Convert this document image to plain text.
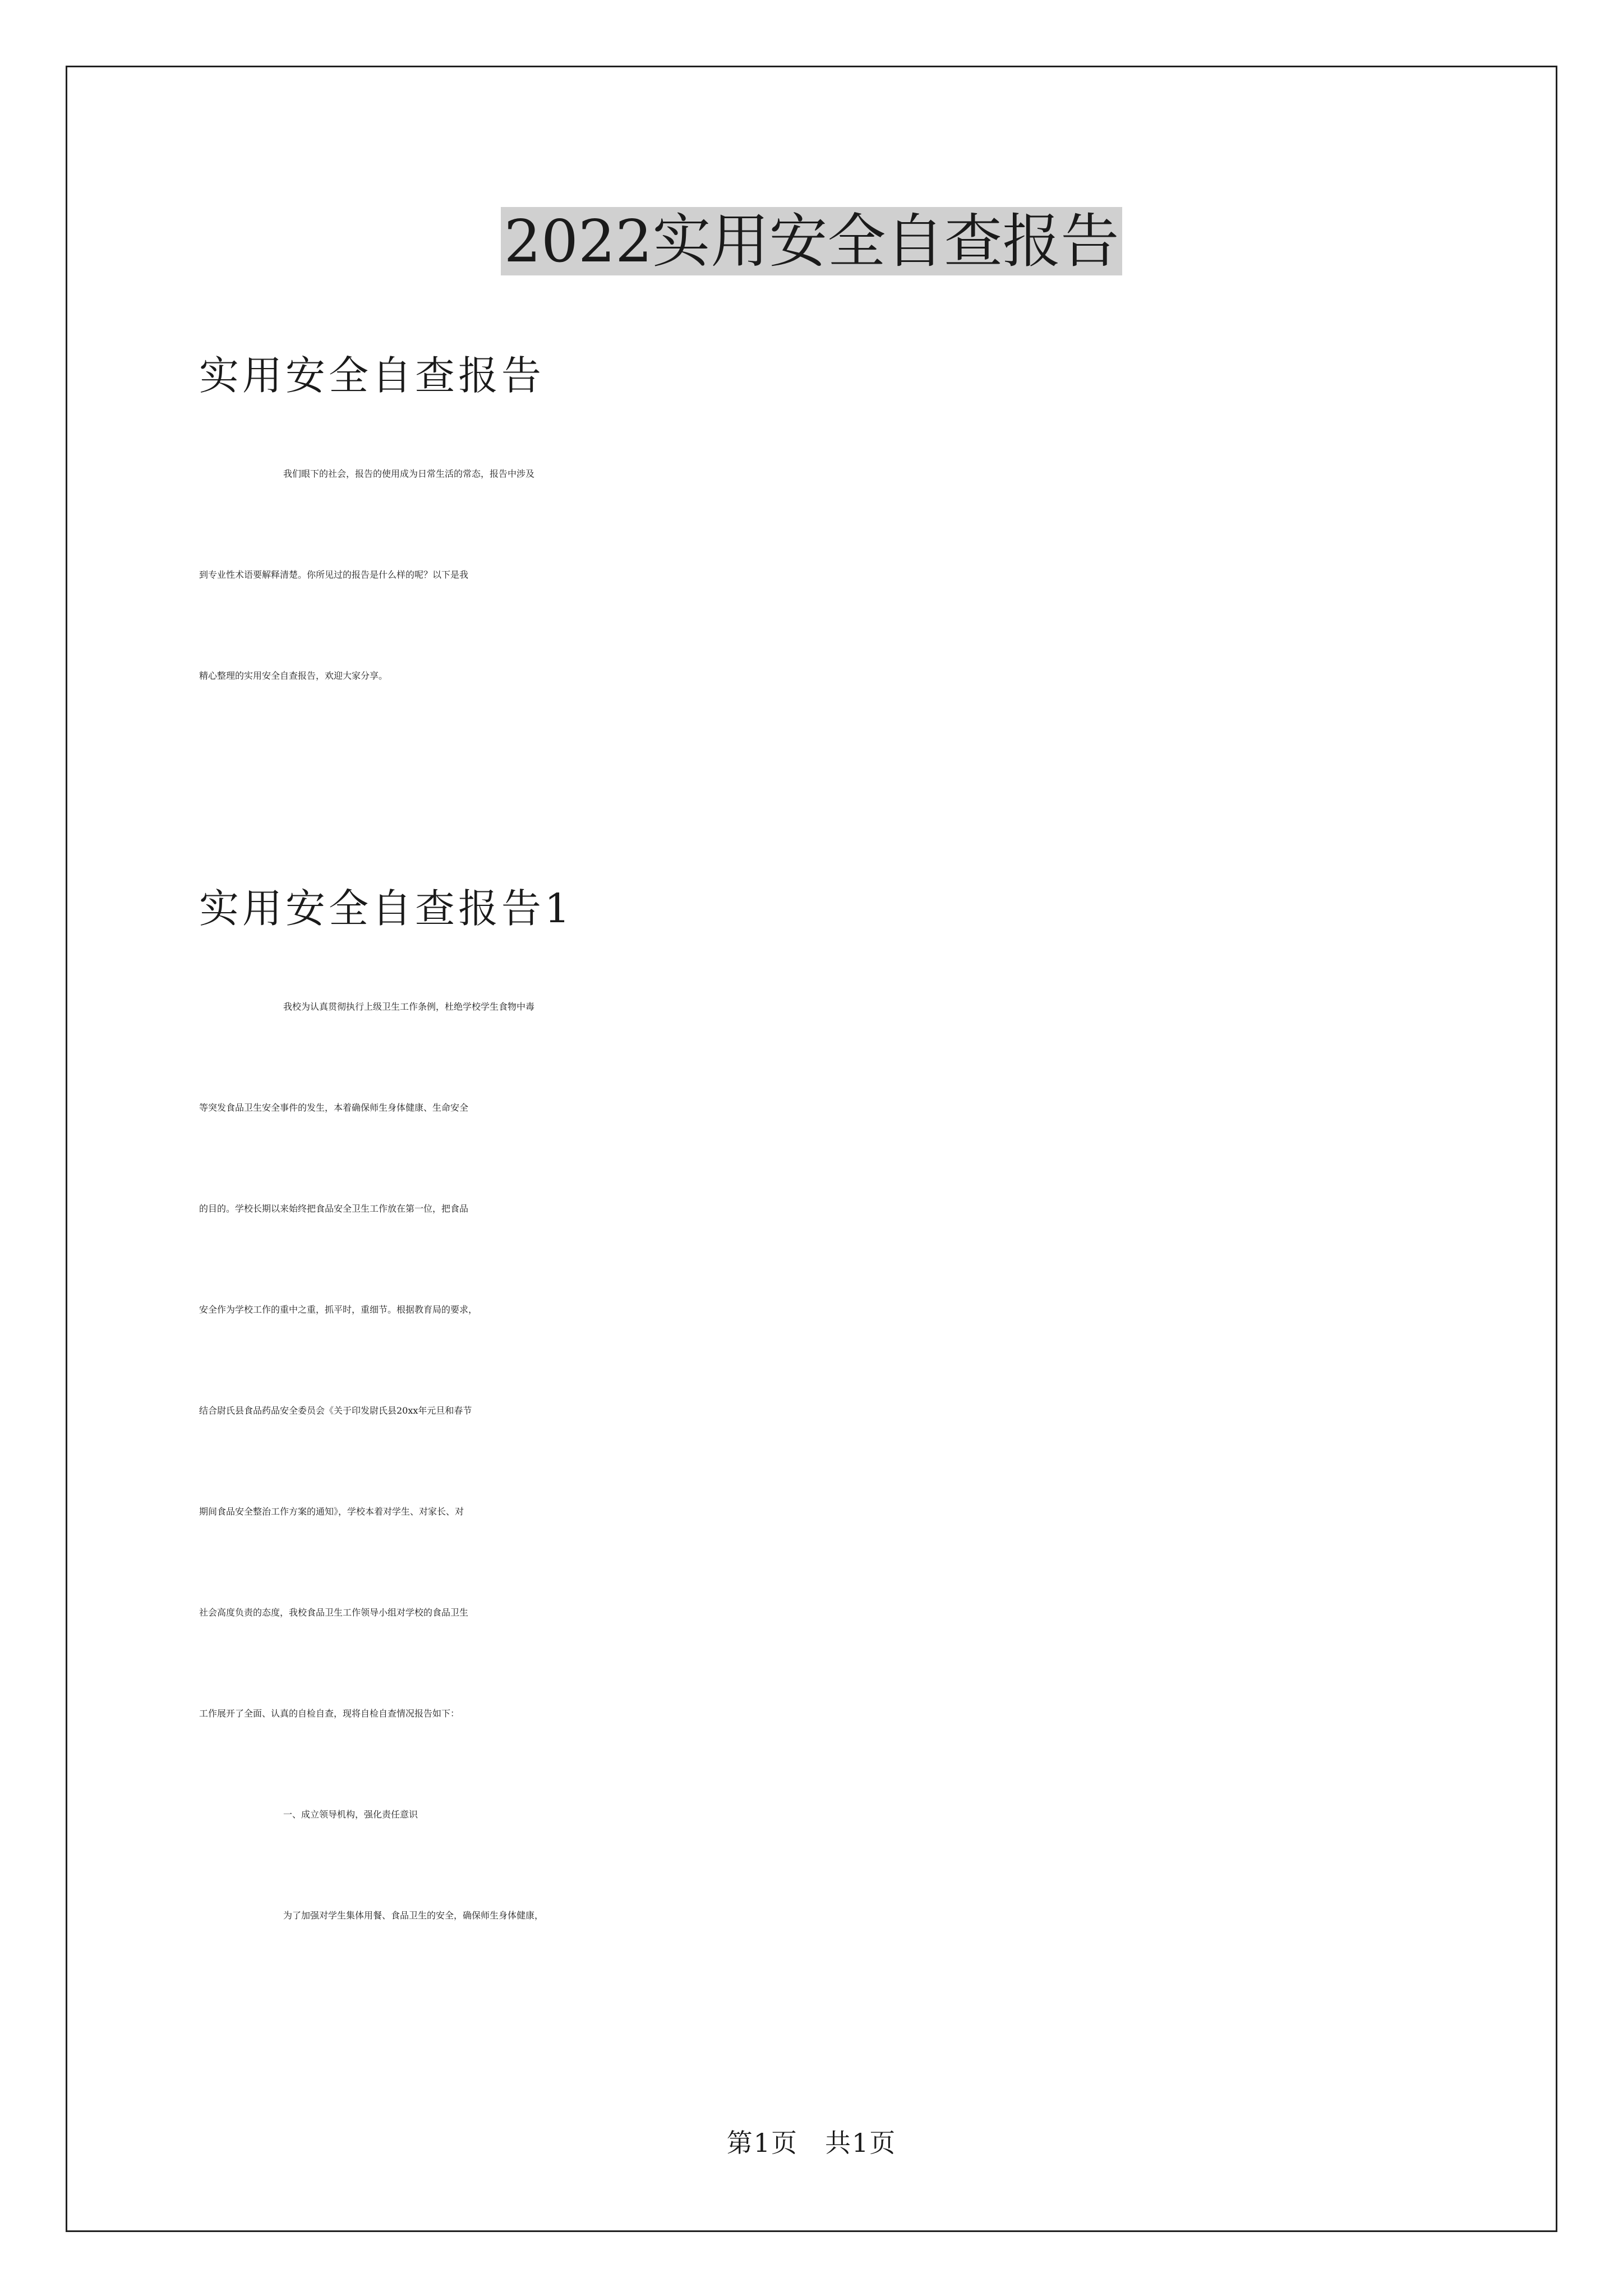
2022实用安全自查报告
实用安全自查报告
我们眼下的社会，报告的使用成为日常生活的常态，报告中涉及
到专业性术语要解释清楚。你所见过的报告是什么样的呢？以下是我
精心整理的实用安全自查报告，欢迎大家分享。
实用安全自查报告1
我校为认真贯彻执行上级卫生工作条例，杜绝学校学生食物中毒
等突发食品卫生安全事件的发生，本着确保师生身体健康、生命安全
的目的。学校长期以来始终把食品安全卫生工作放在第一位，把食品
安全作为学校工作的重中之重，抓平时，重细节。根据教育局的要求，
结合尉氏县食品药品安全委员会《关于印发尉氏县20xx年元旦和春节
期间食品安全整治工作方案的通知》，学校本着对学生、对家长、对
社会高度负责的态度，我校食品卫生工作领导小组对学校的食品卫生
工作展开了全面、认真的自检自查，现将自检自查情况报告如下：
一、成立领导机构，强化责任意识
为了加强对学生集体用餐、食品卫生的安全，确保师生身体健康，
第1页　共1页
